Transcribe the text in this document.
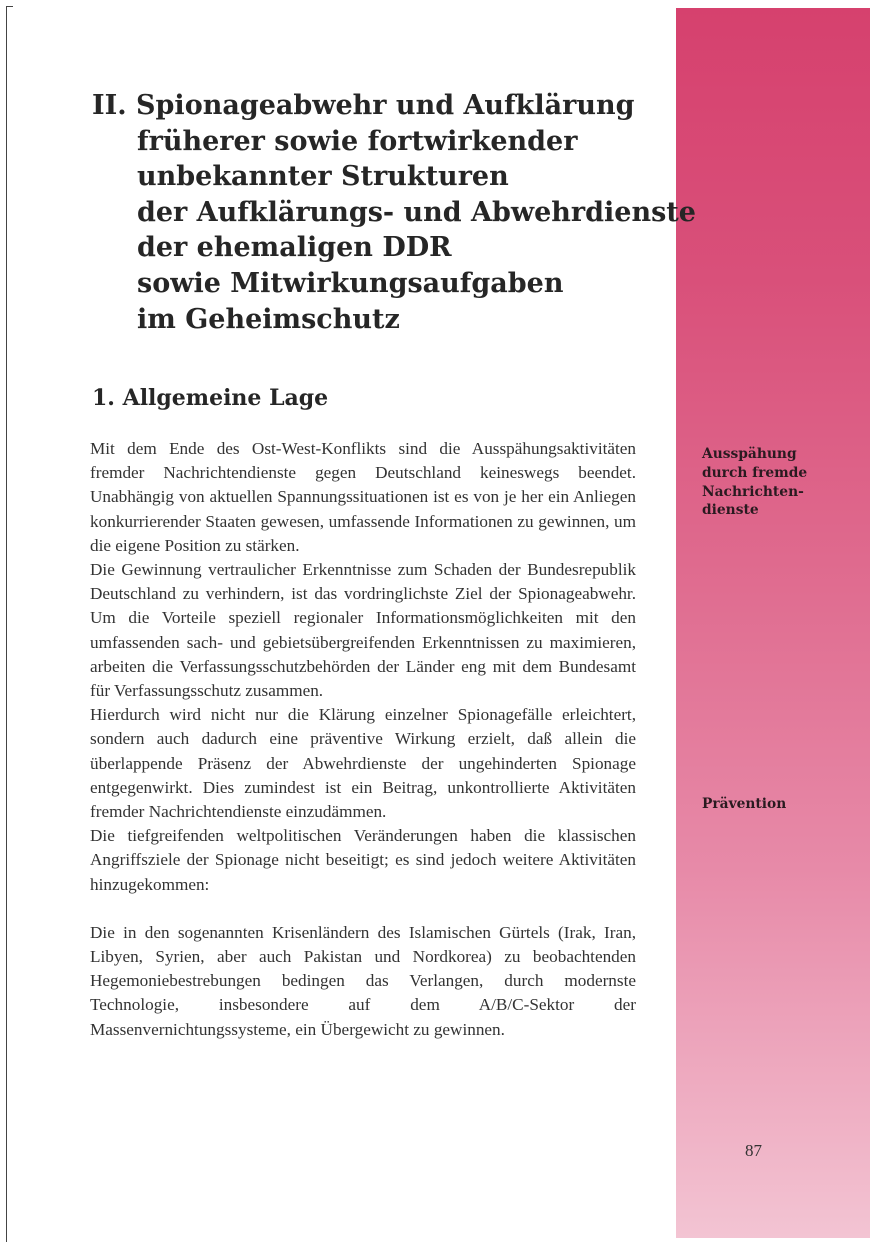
II. Spionageabwehr und Aufklärung
früherer sowie fortwirkender
unbekannter Strukturen
der Aufklärungs- und Abwehrdienste
der ehemaligen DDR
sowie Mitwirkungsaufgaben
im Geheimschutz
1. Allgemeine Lage

Mit dem Ende des Ost-West-Konflikts sind die Ausspähungsaktivitäten fremder Nachrichtendienste gegen Deutschland keineswegs beendet. Unabhängig von aktuellen Spannungssituationen ist es von je her ein Anliegen konkurrierender Staaten gewesen, umfassende Informationen zu gewinnen, um die eigene Position zu stärken.

Die Gewinnung vertraulicher Erkenntnisse zum Schaden der Bundesrepublik Deutschland zu verhindern, ist das vordringlichste Ziel der Spionageabwehr. Um die Vorteile speziell regionaler Informationsmöglichkeiten mit den umfassenden sach- und gebietsübergreifenden Erkenntnissen zu maximieren, arbeiten die Verfassungsschutzbehörden der Länder eng mit dem Bundesamt für Verfassungsschutz zusammen.

Hierdurch wird nicht nur die Klärung einzelner Spionagefälle erleichtert, sondern auch dadurch eine präventive Wirkung erzielt, daß allein die überlappende Präsenz der Abwehrdienste der ungehinderten Spionage entgegenwirkt. Dies zumindest ist ein Beitrag, unkontrollierte Aktivitäten fremder Nachrichtendienste einzudämmen.

Die tiefgreifenden weltpolitischen Veränderungen haben die klassischen Angriffsziele der Spionage nicht beseitigt; es sind jedoch weitere Aktivitäten hinzugekommen:

Die in den sogenannten Krisenländern des Islamischen Gürtels (Irak, Iran, Libyen, Syrien, aber auch Pakistan und Nordkorea) zu beobachtenden Hegemoniebestrebungen bedingen das Verlangen, durch modernste Technologie, insbesondere auf dem A/B/C-Sektor der Massenvernichtungssysteme, ein Übergewicht zu gewinnen.

Ausspähung
durch fremde
Nachrichten-
dienste
Prävention
87
